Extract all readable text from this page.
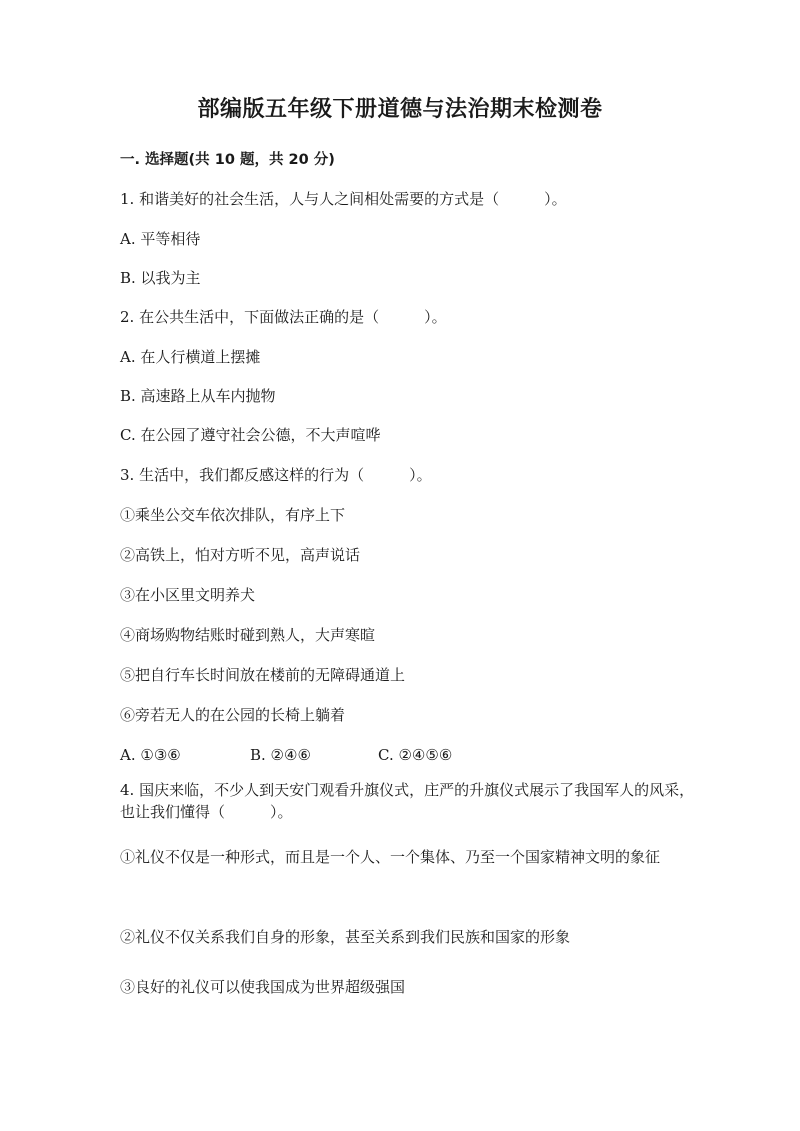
部编版五年级下册道德与法治期末检测卷
一. 选择题(共 10 题，共 20 分)
1. 和谐美好的社会生活，人与人之间相处需要的方式是（　　　）。
A. 平等相待
B. 以我为主
2. 在公共生活中，下面做法正确的是（　　　）。
A. 在人行横道上摆摊
B. 高速路上从车内抛物
C. 在公园了遵守社会公德，不大声喧哗
3. 生活中，我们都反感这样的行为（　　　）。
①乘坐公交车依次排队，有序上下
②高铁上，怕对方听不见，高声说话
③在小区里文明养犬
④商场购物结账时碰到熟人，大声寒暄
⑤把自行车长时间放在楼前的无障碍通道上
⑥旁若无人的在公园的长椅上躺着
A. ①③⑥	B. ②④⑥	C. ②④⑤⑥
4. 国庆来临，不少人到天安门观看升旗仪式，庄严的升旗仪式展示了我国军人的风采，也让我们懂得（　　　）。
①礼仪不仅是一种形式，而且是一个人、一个集体、乃至一个国家精神文明的象征
②礼仪不仅关系我们自身的形象，甚至关系到我们民族和国家的形象
③良好的礼仪可以使我国成为世界超级强国
